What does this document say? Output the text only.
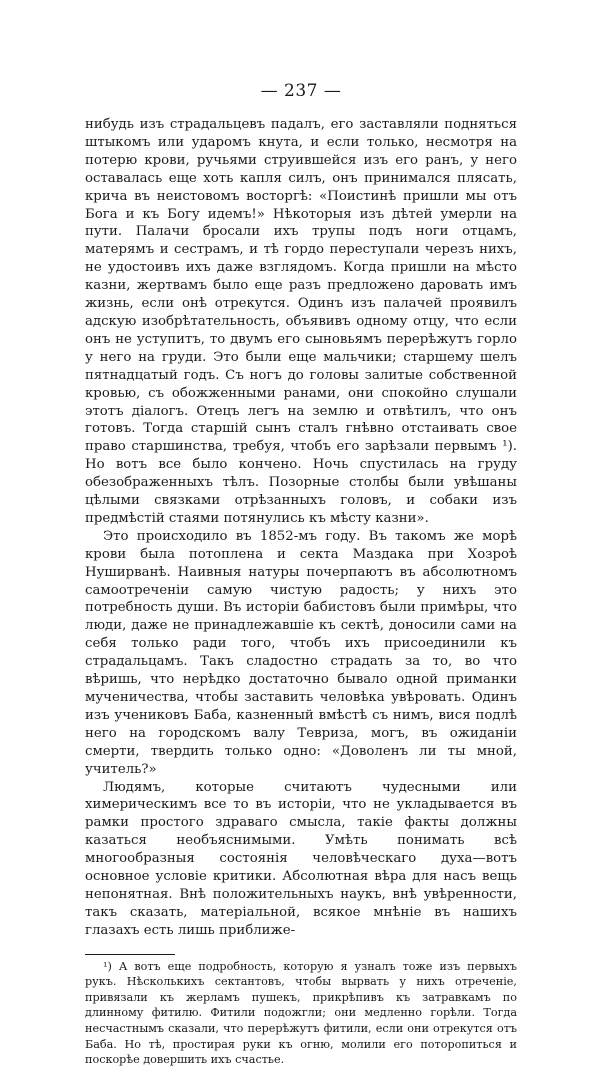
— 237 —

нибудь изъ страдальцевъ падалъ, его заставляли подняться штыкомъ или ударомъ кнута, и если только, несмотря на потерю крови, ручьями струившейся изъ его ранъ, у него оставалась еще хоть капля силъ, онъ принимался плясать, крича въ неистовомъ восторгѣ: «Поистинѣ пришли мы отъ Бога и къ Богу идемъ!» Нѣкоторыя изъ дѣтей умерли на пути. Палачи бросали ихъ трупы подъ ноги отцамъ, матерямъ и сестрамъ, и тѣ гордо переступали черезъ нихъ, не удостоивъ ихъ даже взглядомъ. Когда пришли на мѣсто казни, жертвамъ было еще разъ предложено даровать имъ жизнь, если онѣ отрекутся. Одинъ изъ палачей проявилъ адскую изобрѣтательность, объявивъ одному отцу, что если онъ не уступитъ, то двумъ его сыновьямъ перерѣжутъ горло у него на груди. Это были еще мальчики; старшему шелъ пятнадцатый годъ. Съ ногъ до головы залитые собственной кровью, съ обожженными ранами, они спокойно слушали этотъ діалогъ. Отецъ легъ на землю и отвѣтилъ, что онъ готовъ. Тогда старшій сынъ сталъ гнѣвно отстаивать свое право старшинства, требуя, чтобъ его зарѣзали первымъ ¹). Но вотъ все было кончено. Ночь спустилась на груду обезображенныхъ тѣлъ. Позорные столбы были увѣшаны цѣлыми связками отрѣзанныхъ головъ, и собаки изъ предмѣстій стаями потянулись къ мѣсту казни».

Это происходило въ 1852-мъ году. Въ такомъ же морѣ крови была потоплена и секта Маздака при Хозроѣ Нуширванѣ. Наивныя натуры почерпаютъ въ абсолютномъ самоотреченіи самую чистую радость; у нихъ это потребность души. Въ исторіи бабистовъ были примѣры, что люди, даже не принадлежавшіе къ сектѣ, доносили сами на себя только ради того, чтобъ ихъ присоединили къ страдальцамъ. Такъ сладостно страдать за то, во что вѣришь, что нерѣдко достаточно бывало одной приманки мученичества, чтобы заставить человѣка увѣровать. Одинъ изъ учениковъ Баба, казненный вмѣстѣ съ нимъ, вися подлѣ него на городскомъ валу Тевриза, могъ, въ ожиданіи смерти, твердить только одно: «Доволенъ ли ты мной, учитель?»

Людямъ, которые считаютъ чудесными или химерическимъ все то въ исторіи, что не укладывается въ рамки простого здраваго смысла, такіе факты должны казаться необъяснимыми. Умѣть понимать всѣ многообразныя состоянія человѣческаго духа—вотъ основное условіе критики. Абсолютная вѣра для насъ вещь непонятная. Внѣ положительныхъ наукъ, внѣ увѣренности, такъ сказать, матеріальной, всякое мнѣніе въ нашихъ глазахъ есть лишь приближе-

¹) А вотъ еще подробность, которую я узналъ тоже изъ первыхъ рукъ. Нѣсколькихъ сектантовъ, чтобы вырвать у нихъ отреченіе, привязали къ жерламъ пушекъ, прикрѣпивъ къ затравкамъ по длинному фитилю. Фитили подожгли; они медленно горѣли. Тогда несчастнымъ сказали, что перерѣжутъ фитили, если они отрекутся отъ Баба. Но тѣ, простирая руки къ огню, молили его поторопиться и поскорѣе довершить ихъ счастье.
